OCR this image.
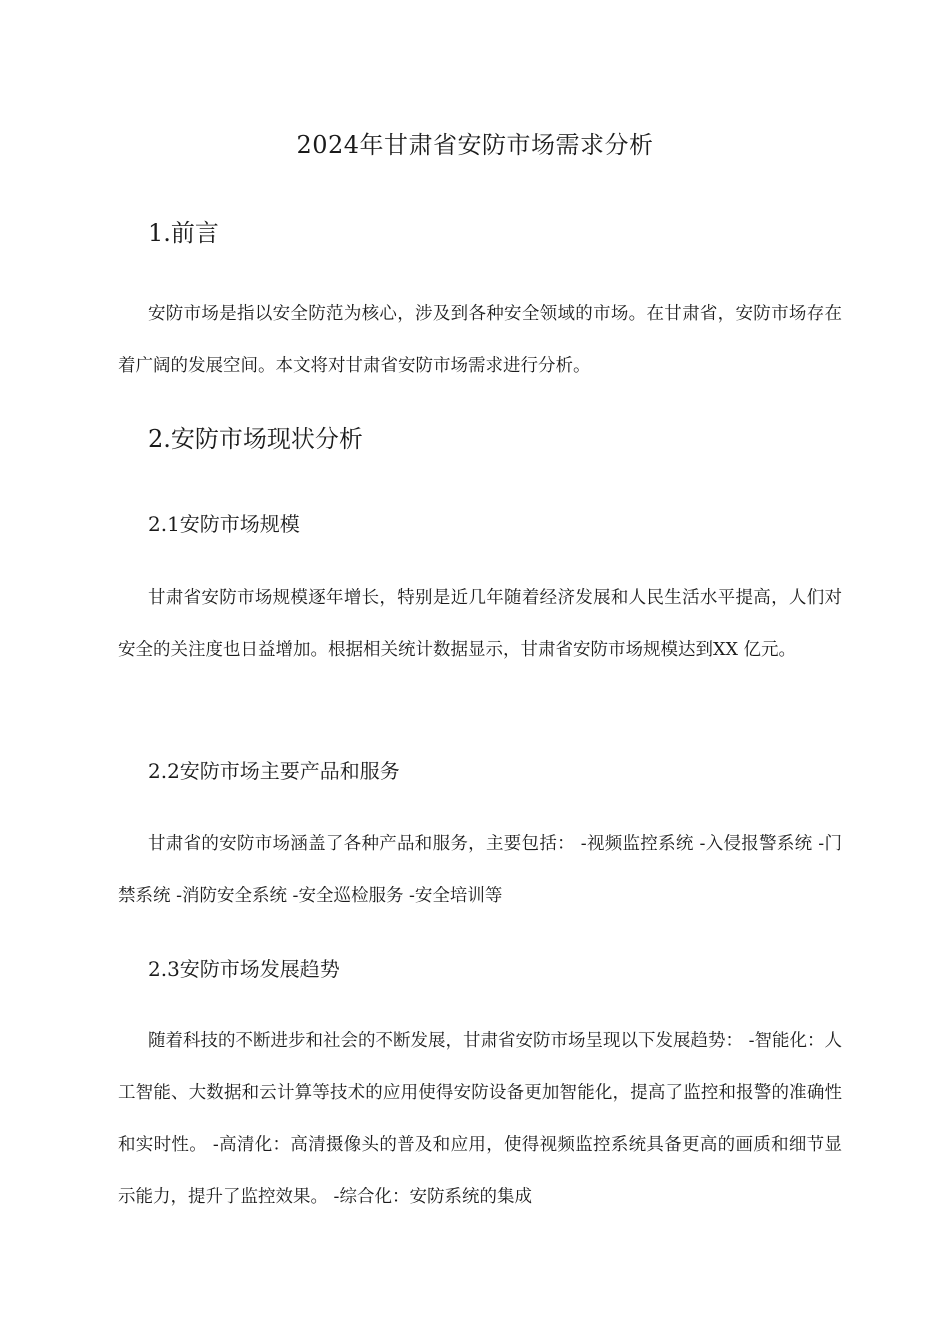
2024年甘肃省安防市场需求分析
1.前言

安防市场是指以安全防范为核心，涉及到各种安全领域的市场。在甘肃省，安防市场存在着广阔的发展空间。本文将对甘肃省安防市场需求进行分析。

2.安防市场现状分析
2.1安防市场规模

甘肃省安防市场规模逐年增长，特别是近几年随着经济发展和人民生活水平提高，人们对安全的关注度也日益增加。根据相关统计数据显示，甘肃省安防市场规模达到XX 亿元。

2.2安防市场主要产品和服务

甘肃省的安防市场涵盖了各种产品和服务，主要包括： -视频监控系统 -入侵报警系统 -门禁系统 -消防安全系统 -安全巡检服务 -安全培训等

2.3安防市场发展趋势

随着科技的不断进步和社会的不断发展，甘肃省安防市场呈现以下发展趋势： -智能化：人工智能、大数据和云计算等技术的应用使得安防设备更加智能化，提高了监控和报警的准确性和实时性。 -高清化：高清摄像头的普及和应用，使得视频监控系统具备更高的画质和细节显示能力，提升了监控效果。 -综合化：安防系统的集成
